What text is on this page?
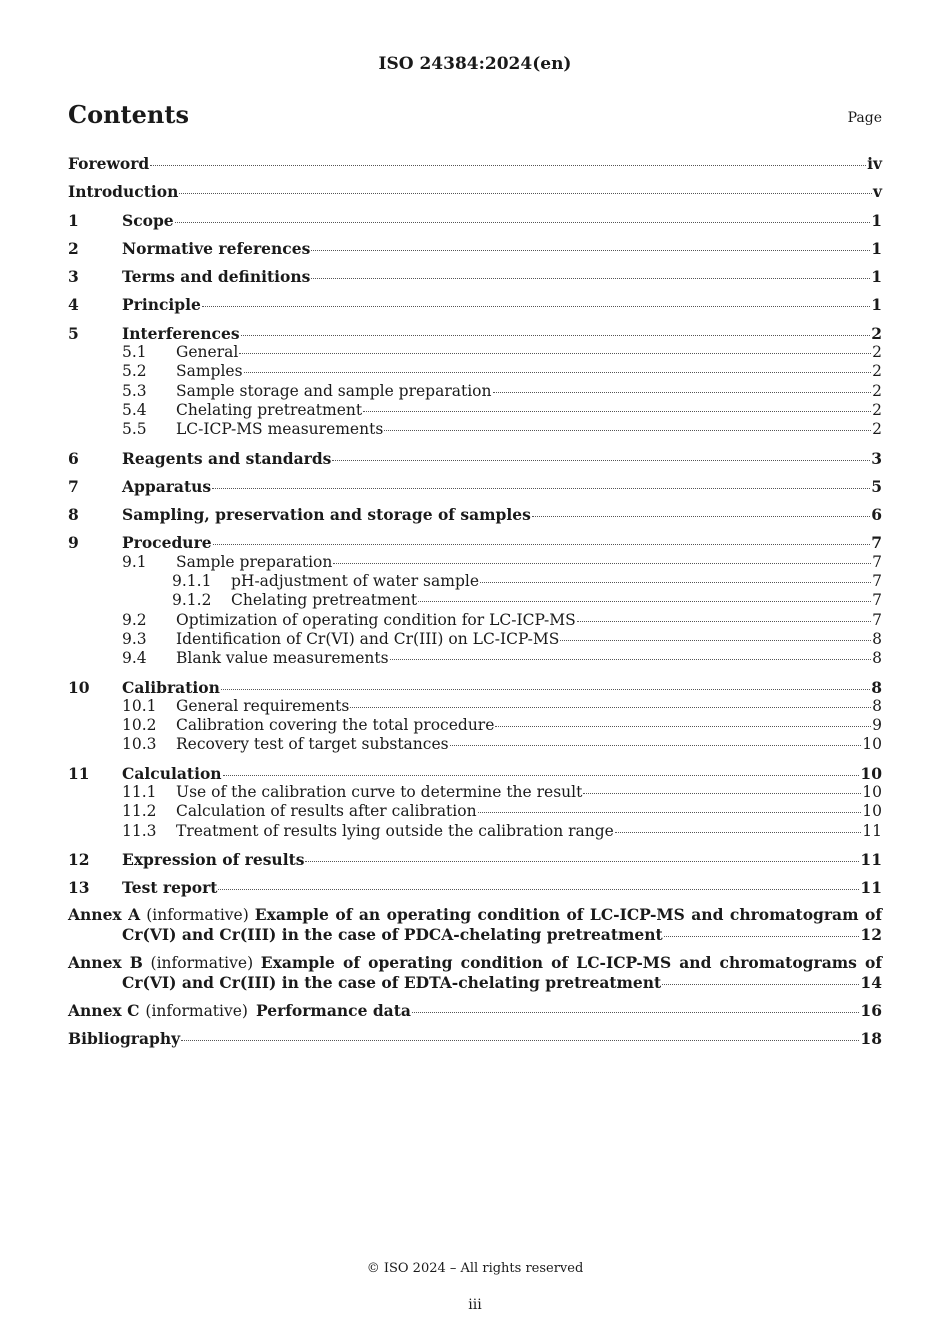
ISO 24384:2024(en)
Contents	Page
Foreword	iv
Introduction	v
1	Scope	1
2	Normative references	1
3	Terms and definitions	1
4	Principle	1
5	Interferences	2
5.1	General	2
5.2	Samples	2
5.3	Sample storage and sample preparation	2
5.4	Chelating pretreatment	2
5.5	LC-ICP-MS measurements	2
6	Reagents and standards	3
7	Apparatus	5
8	Sampling, preservation and storage of samples	6
9	Procedure	7
9.1	Sample preparation	7
9.1.1	pH-adjustment of water sample	7
9.1.2	Chelating pretreatment	7
9.2	Optimization of operating condition for LC-ICP-MS	7
9.3	Identification of Cr(VI) and Cr(III) on LC-ICP-MS	8
9.4	Blank value measurements	8
10	Calibration	8
10.1	General requirements	8
10.2	Calibration covering the total procedure	9
10.3	Recovery test of target substances	10
11	Calculation	10
11.1	Use of the calibration curve to determine the result	10
11.2	Calculation of results after calibration	10
11.3	Treatment of results lying outside the calibration range	11
12	Expression of results	11
13	Test report	11
Annex A (informative) Example of an operating condition of LC-ICP-MS and chromatogram of
Cr(VI) and Cr(III) in the case of PDCA-chelating pretreatment	12
Annex B (informative) Example of operating condition of LC-ICP-MS and chromatograms of
Cr(VI) and Cr(III) in the case of EDTA-chelating pretreatment	14
Annex C (informative) Performance data	16
Bibliography	18
© ISO 2024 – All rights reserved
iii
